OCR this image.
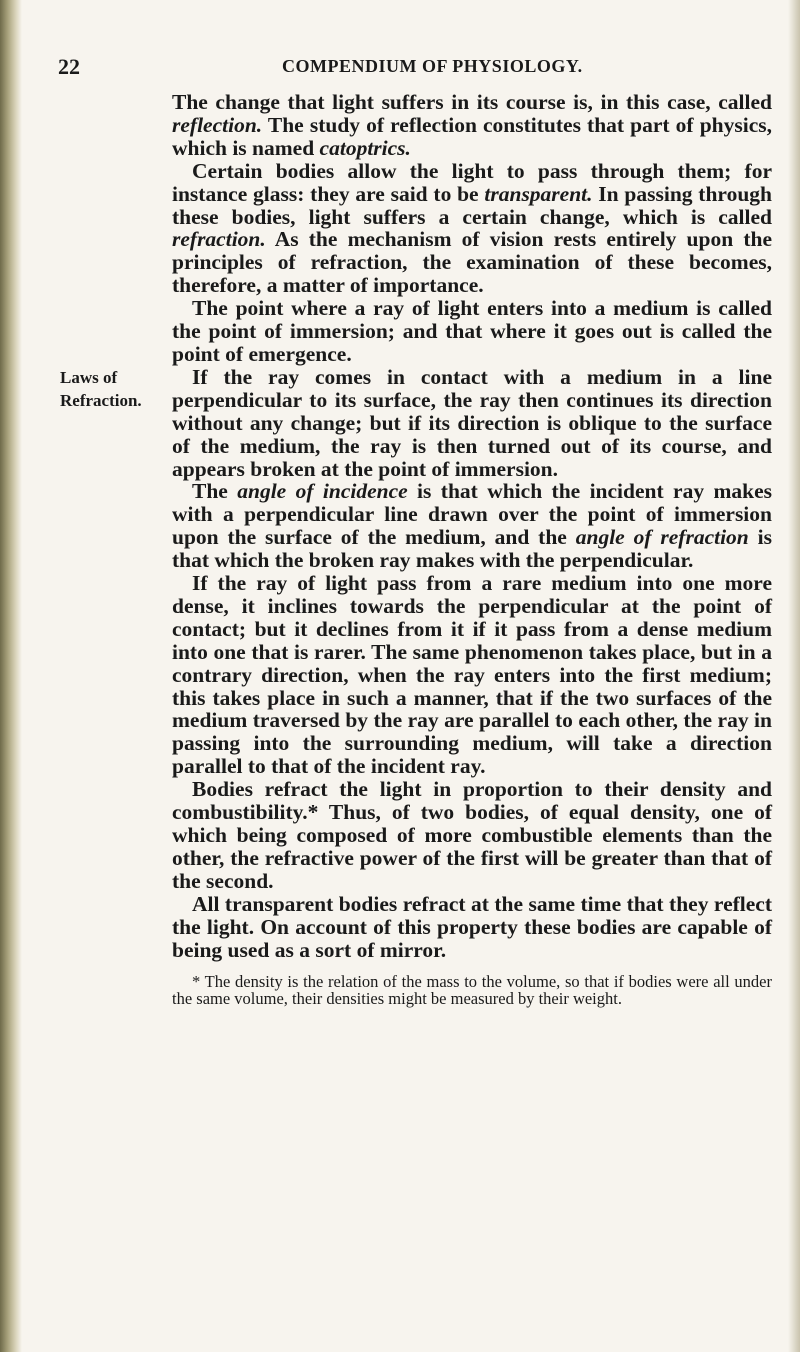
22	COMPENDIUM OF PHYSIOLOGY.
Laws of
Refraction.

The change that light suffers in its course is, in this case, called reflection. The study of reflection constitutes that part of physics, which is named catoptrics.

Certain bodies allow the light to pass through them; for instance glass: they are said to be transparent. In passing through these bodies, light suffers a certain change, which is called refraction. As the mechanism of vision rests entirely upon the principles of refraction, the examination of these becomes, therefore, a matter of importance.

The point where a ray of light enters into a medium is called the point of immersion; and that where it goes out is called the point of emergence.

If the ray comes in contact with a medium in a line perpendicular to its surface, the ray then continues its direction without any change; but if its direction is oblique to the surface of the medium, the ray is then turned out of its course, and appears broken at the point of immersion.

The angle of incidence is that which the incident ray makes with a perpendicular line drawn over the point of immersion upon the surface of the medium, and the angle of refraction is that which the broken ray makes with the perpendicular.

If the ray of light pass from a rare medium into one more dense, it inclines towards the perpendicular at the point of contact; but it declines from it if it pass from a dense medium into one that is rarer. The same phenomenon takes place, but in a contrary direction, when the ray enters into the first medium; this takes place in such a manner, that if the two surfaces of the medium traversed by the ray are parallel to each other, the ray in passing into the surrounding medium, will take a direction parallel to that of the incident ray.

Bodies refract the light in proportion to their density and combustibility.* Thus, of two bodies, of equal density, one of which being composed of more combustible elements than the other, the refractive power of the first will be greater than that of the second.

All transparent bodies refract at the same time that they reflect the light. On account of this property these bodies are capable of being used as a sort of mirror.

* The density is the relation of the mass to the volume, so that if bodies were all under the same volume, their densities might be measured by their weight.
